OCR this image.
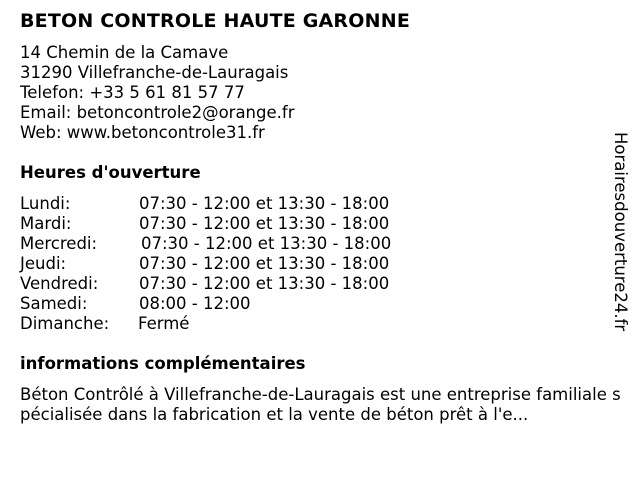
BETON CONTROLE HAUTE GARONNE
14 Chemin de la Camave
31290 Villefranche-de-Lauragais
Telefon: +33 5 61 81 57 77
Email: betoncontrole2@orange.fr
Web: www.betoncontrole31.fr
Heures d'ouverture
Lundi:	07:30 - 12:00 et 13:30 - 18:00
Mardi:	07:30 - 12:00 et 13:30 - 18:00
Mercredi:	07:30 - 12:00 et 13:30 - 18:00
Jeudi:	07:30 - 12:00 et 13:30 - 18:00
Vendredi: 07:30 - 12:00 et 13:30 - 18:00
Samedi:	08:00 - 12:00
Dimanche: Fermé
informations complémentaires
Béton Contrôlé à Villefranche-de-Lauragais est une entreprise familiale spécialisée dans la fabrication et la vente de béton prêt à l'e...
Horairesdouverture24.fr
